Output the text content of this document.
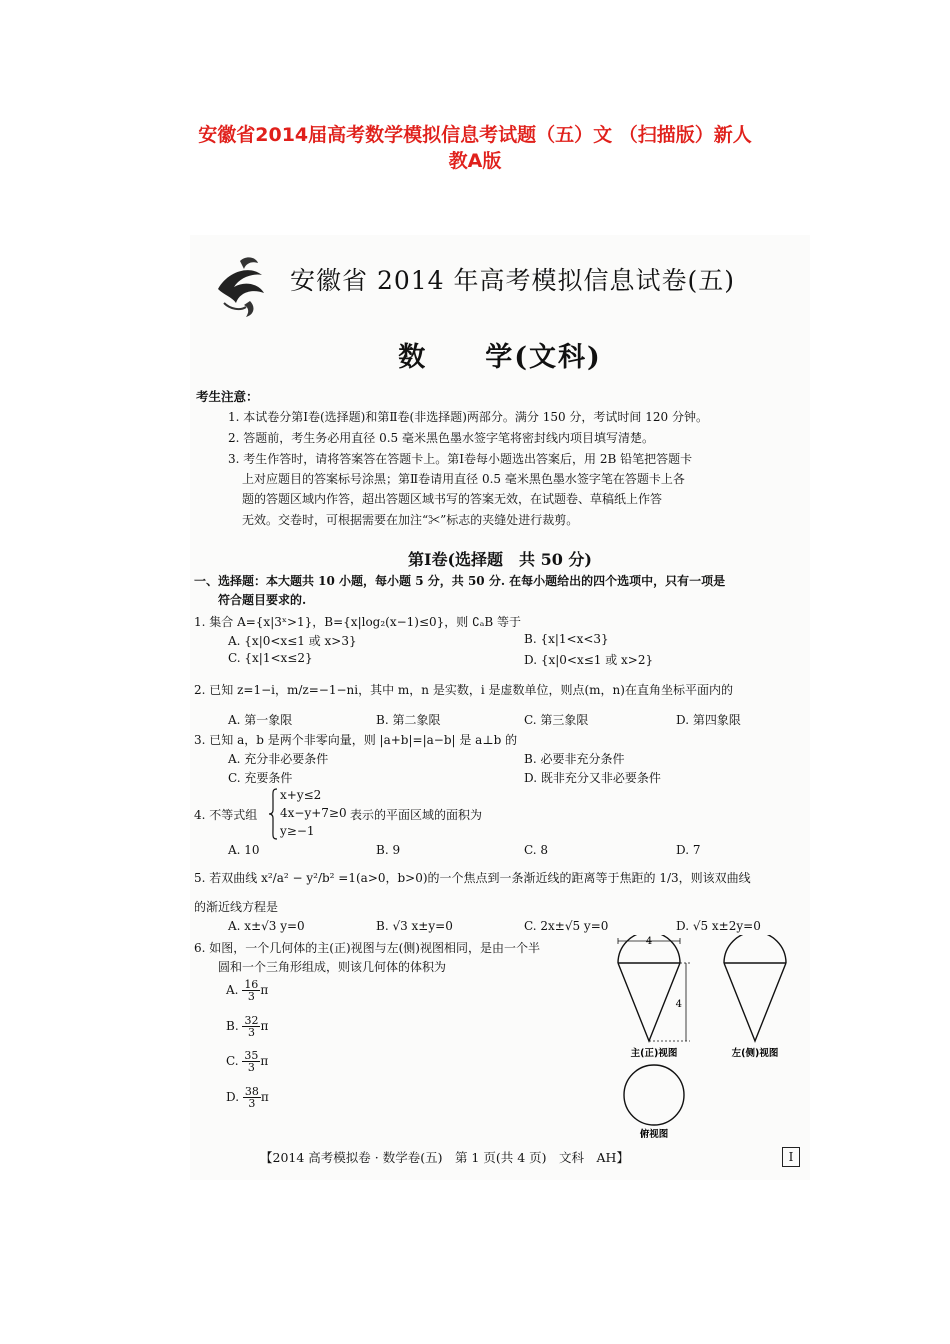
安徽省2014届高考数学模拟信息考试题（五）文 （扫描版）新人
教A版
安徽省 2014 年高考模拟信息试卷(五)
数　　学(文科)
考生注意：
1. 本试卷分第Ⅰ卷(选择题)和第Ⅱ卷(非选择题)两部分。满分 150 分，考试时间 120 分钟。
2. 答题前，考生务必用直径 0.5 毫米黑色墨水签字笔将密封线内项目填写清楚。
3. 考生作答时，请将答案答在答题卡上。第Ⅰ卷每小题选出答案后，用 2B 铅笔把答题卡
上对应题目的答案标号涂黑；第Ⅱ卷请用直径 0.5 毫米黑色墨水签字笔在答题卡上各
题的答题区域内作答，超出答题区域书写的答案无效，在试题卷、草稿纸上作答
无效。交卷时，可根据需要在加注“✂”标志的夹缝处进行裁剪。
第Ⅰ卷(选择题　共 50 分)
一、选择题：本大题共 10 小题，每小题 5 分，共 50 分. 在每小题给出的四个选项中，只有一项是
符合题目要求的.
1. 集合 A={x|3ˣ>1}，B={x|log₂(x−1)≤0}，则 ∁ₐB 等于
A. {x|0<x≤1 或 x>3}	B. {x|1<x<3}
C. {x|1<x≤2}	D. {x|0<x≤1 或 x>2}
2. 已知 z=1−i，m/z=−1−ni，其中 m，n 是实数，i 是虚数单位，则点(m，n)在直角坐标平面内的
A. 第一象限	B. 第二象限	C. 第三象限	D. 第四象限
3. 已知 a，b 是两个非零向量，则 |a+b|=|a−b| 是 a⊥b 的
A. 充分非必要条件	B. 必要非充分条件
C. 充要条件	D. 既非充分又非必要条件
4. 不等式组
x+y≤2
4x−y+7≥0
y≥−1
表示的平面区域的面积为
A. 10	B. 9	C. 8	D. 7
5. 若双曲线 x²/a² − y²/b² =1(a>0，b>0)的一个焦点到一条渐近线的距离等于焦距的 1/3，则该双曲线
的渐近线方程是
A. x±√3 y=0	B. √3 x±y=0	C. 2x±√5 y=0	D. √5 x±2y=0
6. 如图，一个几何体的主(正)视图与左(侧)视图相同，是由一个半
圆和一个三角形组成，则该几何体的体积为
A. $\frac{16}{3}$ π
B. $\frac{32}{3}$ π
C. $\frac{35}{3}$ π
D. $\frac{38}{3}$ π
4
4
主(正)视图	左(侧)视图
俯视图
【2014 高考模拟卷 · 数学卷(五)　第 1 页(共 4 页)　文科　AH】	I
